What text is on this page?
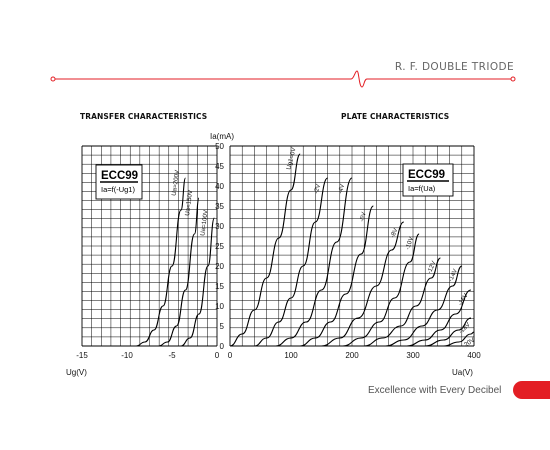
R. F. DOUBLE TRIODE
TRANSFER CHARACTERISTICS	PLATE CHARACTERISTICS
-15	-10	-5	0
Ua=200V
Ua=150V
Ua=100V
ECC99
Ia=f(-Ug1)
Ug(V)
0	100	200	300	400
Ug1=0V
-2V -4V
-6V
-8V
-10V
-12V
-14V
-16V
-18V
-20V
ECC99
Ia=f(Ua)
0
5
10
15
20
25
30
35
40
45
50
Ia(mA)
Ua(V)
Excellence with Every Decibel
